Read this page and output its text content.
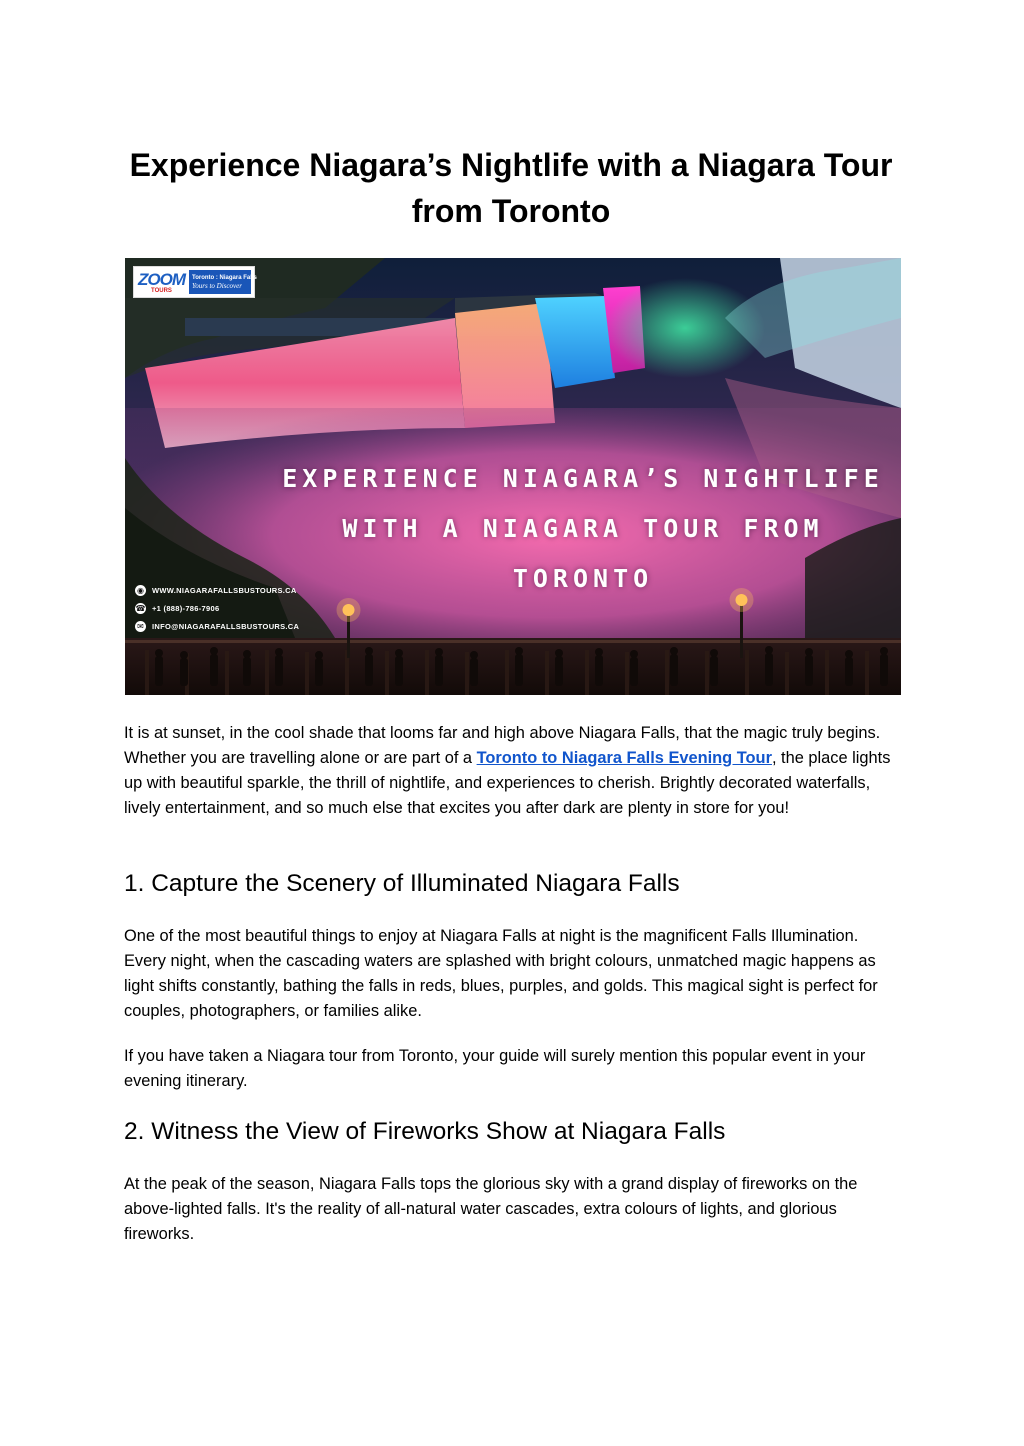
Experience Niagara’s Nightlife with a Niagara Tour from Toronto
ZOOM
TOURS
Toronto : Niagara Falls
Yours to Discover
EXPERIENCE NIAGARA’S NIGHTLIFE
WITH A NIAGARA TOUR FROM
TORONTO
◉ WWW.NIAGARAFALLSBUSTOURS.CA
☎ +1 (888)-786-7906
✉ INFO@NIAGARAFALLSBUSTOURS.CA

It is at sunset, in the cool shade that looms far and high above Niagara Falls, that the magic truly begins. Whether you are travelling alone or are part of a Toronto to Niagara Falls Evening Tour, the place lights up with beautiful sparkle, the thrill of nightlife, and experiences to cherish. Brightly decorated waterfalls, lively entertainment, and so much else that excites you after dark are plenty in store for you!

1. Capture the Scenery of Illuminated Niagara Falls

One of the most beautiful things to enjoy at Niagara Falls at night is the magnificent Falls Illumination. Every night, when the cascading waters are splashed with bright colours, unmatched magic happens as light shifts constantly, bathing the falls in reds, blues, purples, and golds. This magical sight is perfect for couples, photographers, or families alike.

If you have taken a Niagara tour from Toronto, your guide will surely mention this popular event in your evening itinerary.

2. Witness the View of Fireworks Show at Niagara Falls

At the peak of the season, Niagara Falls tops the glorious sky with a grand display of fireworks on the above-lighted falls. It's the reality of all-natural water cascades, extra colours of lights, and glorious fireworks.
